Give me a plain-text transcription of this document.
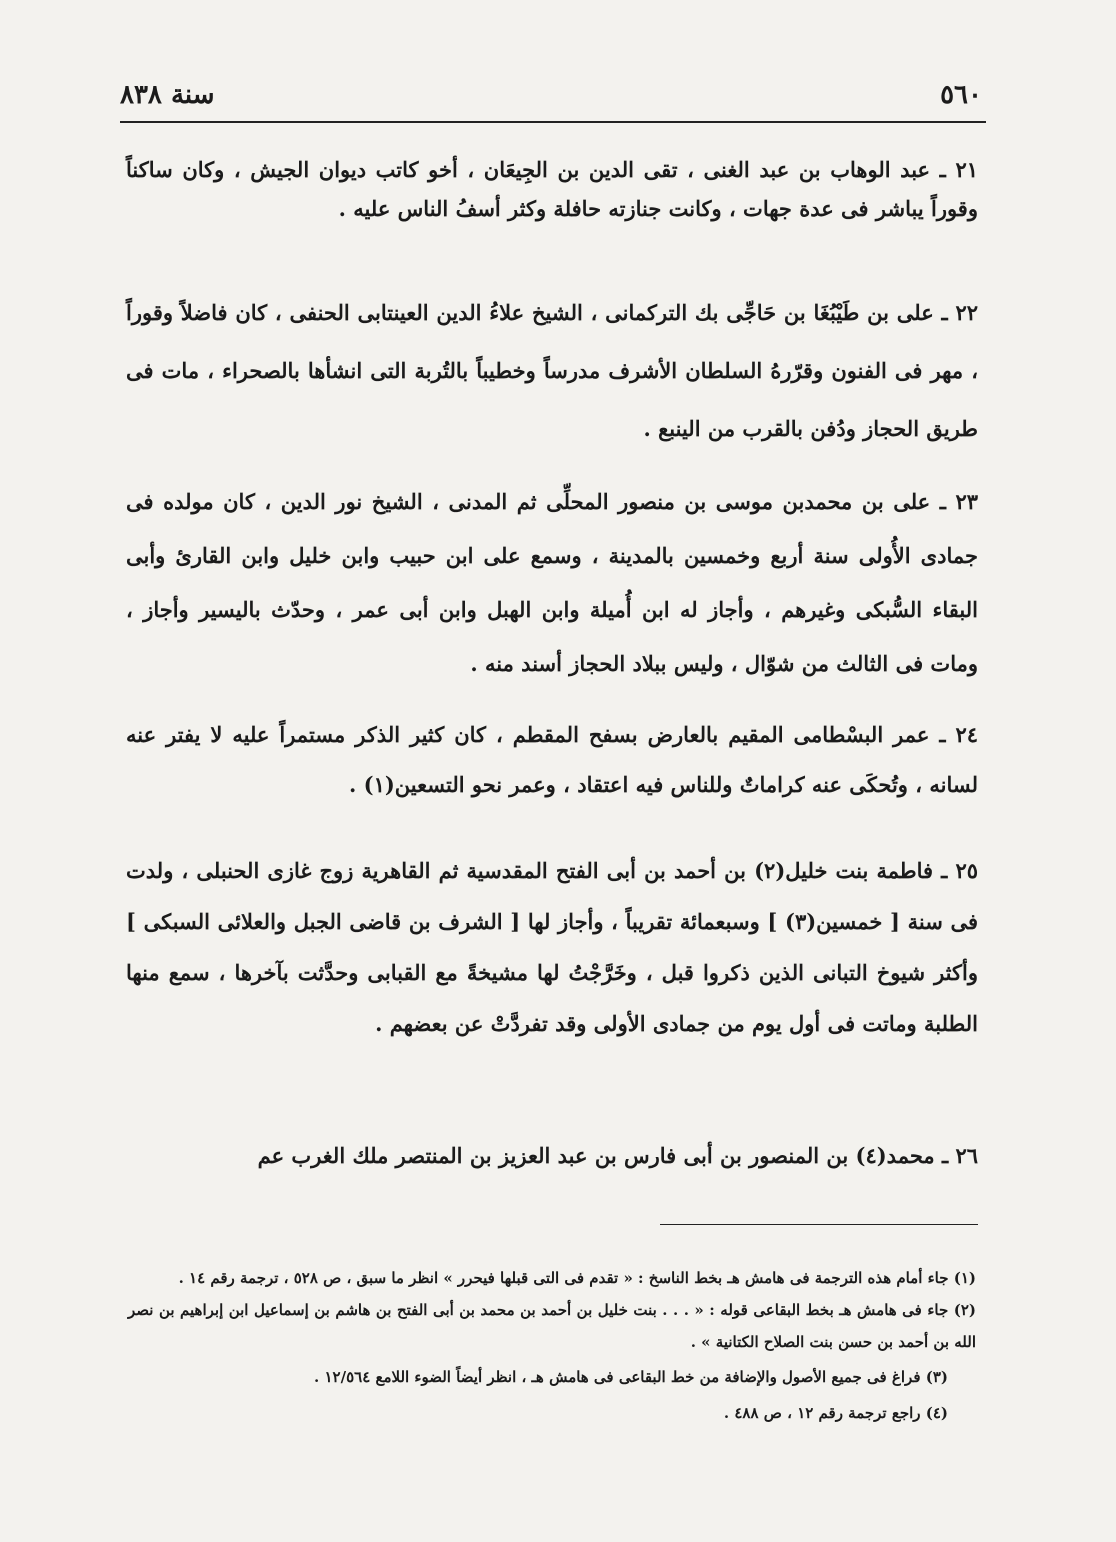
٥٦٠
سنة ٨٣٨

٢١ ـ عبد الوهاب بن عبد الغنى ، تقى الدين بن الجِيعَان ، أخو كاتب ديوان الجيش ، وكان ساكناً وقوراً يباشر فى عدة جهات ، وكانت جنازته حافلة وكثر أسفُ الناس عليه .

٢٢ ـ على بن طَيْبُغَا بن حَاجِّى بك التركمانى ، الشيخ علاءُ الدين العينتابى الحنفى ، كان فاضلاً وقوراً ، مهر فى الفنون وقرّرهُ السلطان الأشرف مدرساً وخطيباً بالتُربة التى انشأها بالصحراء ، مات فى طريق الحجاز ودُفن بالقرب من الينبع .

٢٣ ـ على بن محمدبن موسى بن منصور المحلِّى ثم المدنى ، الشيخ نور الدين ، كان مولده فى جمادى الأُولى سنة أربع وخمسين بالمدينة ، وسمع على ابن حبيب وابن خليل وابن القارئ وأبى البقاء السُّبكى وغيرهم ، وأجاز له ابن أُميلة وابن الهبل وابن أبى عمر ، وحدّث باليسير وأجاز ، ومات فى الثالث من شوّال ، وليس ببلاد الحجاز أسند منه .

٢٤ ـ عمر البسْطامى المقيم بالعارض بسفح المقطم ، كان كثير الذكر مستمراً عليه لا يفتر عنه لسانه ، وتُحكَى عنه كراماتٌ وللناس فيه اعتقاد ، وعمر نحو التسعين(١) .

٢٥ ـ فاطمة بنت خليل(٢) بن أحمد بن أبى الفتح المقدسية ثم القاهرية زوج غازى الحنبلى ، ولدت فى سنة [ خمسين(٣) ] وسبعمائة تقريباً ، وأجاز لها [ الشرف بن قاضى الجبل والعلائى السبكى ] وأكثر شيوخ التبانى الذين ذكروا قبل ، وخَرَّجْتُ لها مشيخةً مع القبابى وحدَّثت بآخرها ، سمع منها الطلبة وماتت فى أول يوم من جمادى الأولى وقد تفردَّتْ عن بعضهم .

٢٦ ـ محمد(٤) بن المنصور بن أبى فارس بن عبد العزيز بن المنتصر ملك الغرب عم

(١) جاء أمام هذه الترجمة فى هامش هـ بخط الناسخ : « تقدم فى التى قبلها فيحرر » انظر ما سبق ، ص ٥٢٨ ، ترجمة رقم ١٤ .

(٢) جاء فى هامش هـ بخط البقاعى قوله : « . . . بنت خليل بن أحمد بن محمد بن أبى الفتح بن هاشم بن إسماعيل ابن إبراهيم بن نصر الله بن أحمد بن حسن بنت الصلاح الكتانية » .

(٣) فراغ فى جميع الأصول والإضافة من خط البقاعى فى هامش هـ ، انظر أيضاً الضوء اللامع ١٢/٥٦٤ .

(٤) راجع ترجمة رقم ١٢ ، ص ٤٨٨ .
